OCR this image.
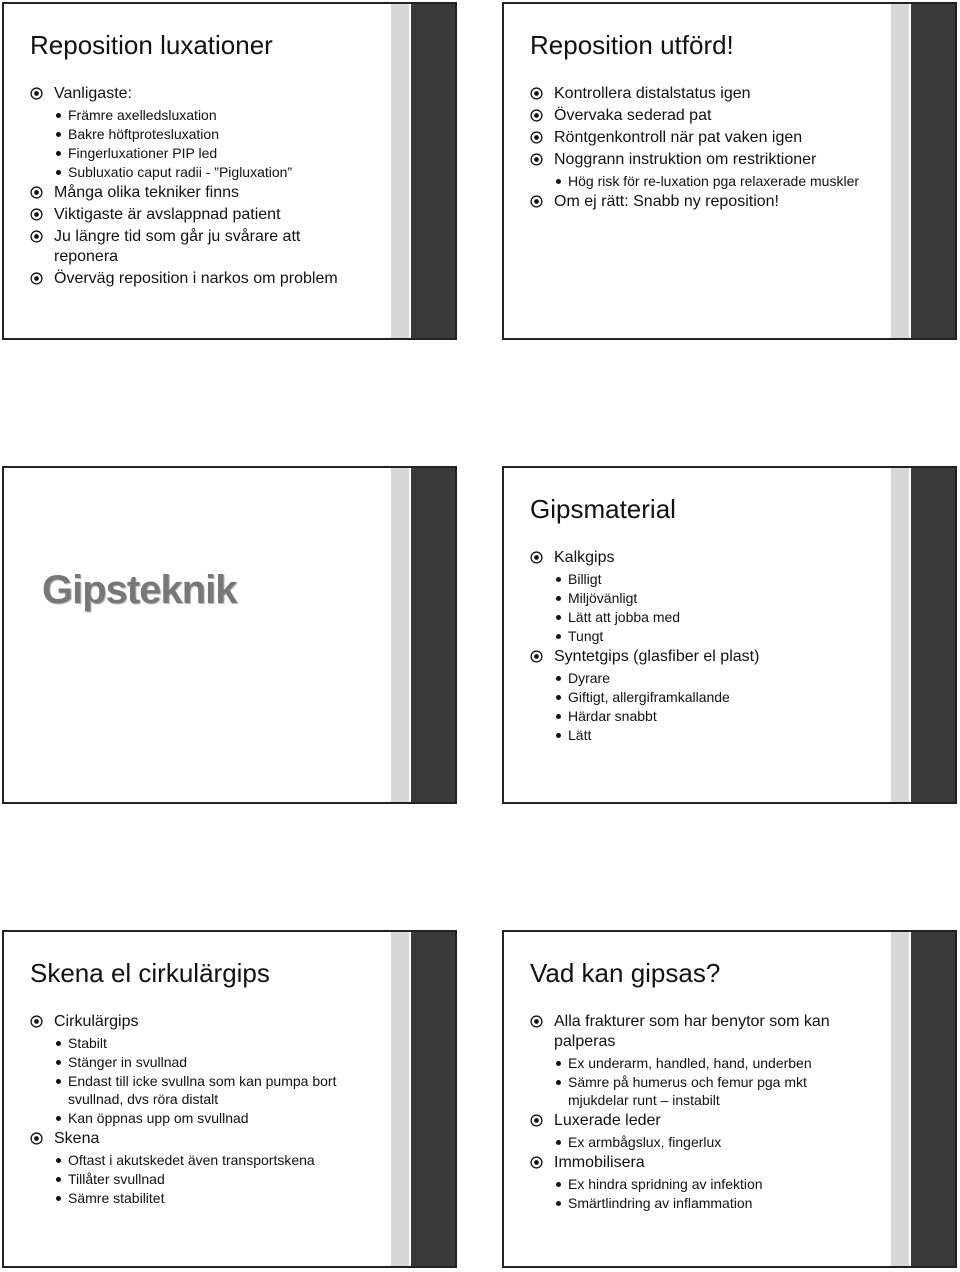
Reposition luxationer
Vanligaste:
Främre axelledsluxation
Bakre höftprotesluxation
Fingerluxationer PIP led
Subluxatio caput radii - ”Pigluxation”
Många olika tekniker finns
Viktigaste är avslappnad patient
Ju längre tid som går ju svårare att reponera
Överväg reposition i narkos om problem
Reposition utförd!
Kontrollera distalstatus igen
Övervaka sederad pat
Röntgenkontroll när pat vaken igen
Noggrann instruktion om restriktioner
Hög risk för re-luxation pga relaxerade muskler
Om ej rätt: Snabb ny reposition!
Gipsteknik
Gipsmaterial
Kalkgips
Billigt
Miljövänligt
Lätt att jobba med
Tungt
Syntetgips (glasfiber el plast)
Dyrare
Giftigt, allergiframkallande
Härdar snabbt
Lätt
Skena el cirkulärgips
Cirkulärgips
Stabilt
Stänger in svullnad
Endast till icke svullna som kan pumpa bort svullnad, dvs röra distalt
Kan öppnas upp om svullnad
Skena
Oftast i akutskedet även transportskena
Tillåter svullnad
Sämre stabilitet
Vad kan gipsas?
Alla frakturer som har benytor som kan palperas
Ex underarm, handled, hand, underben
Sämre på humerus och femur pga mkt mjukdelar runt – instabilt
Luxerade leder
Ex armbågslux, fingerlux
Immobilisera
Ex hindra spridning av infektion
Smärtlindring av inflammation
